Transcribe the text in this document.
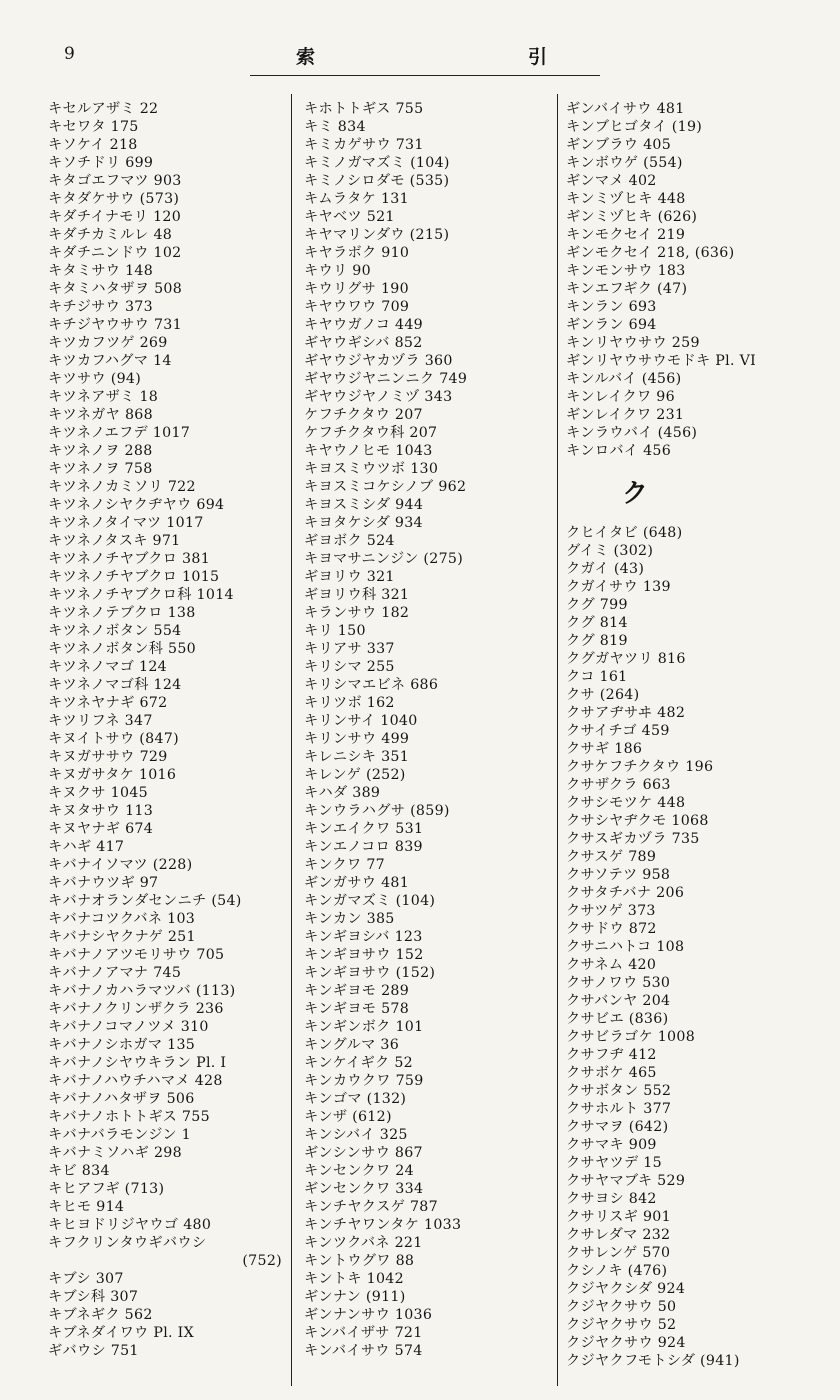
9	索	引
キセルアザミ 22
キセワタ 175
キソケイ 218
キソチドリ 699
キタゴエフマツ 903
キタダケサウ (573)
キダチイナモリ 120
キダチカミルレ 48
キダチニンドウ 102
キタミサウ 148
キタミハタザヲ 508
キチジサウ 373
キチジヤウサウ 731
キツカフツゲ 269
キツカフハグマ 14
キツサウ (94)
キツネアザミ 18
キツネガヤ 868
キツネノエフデ 1017
キツネノヲ 288
キツネノヲ 758
キツネノカミソリ 722
キツネノシヤクヂヤウ 694
キツネノタイマツ 1017
キツネノタスキ 971
キツネノチヤブクロ 381
キツネノチヤブクロ 1015
キツネノチヤブクロ科 1014
キツネノテブクロ 138
キツネノボタン 554
キツネノボタン科 550
キツネノマゴ 124
キツネノマゴ科 124
キツネヤナギ 672
キツリフネ 347
キヌイトサウ (847)
キヌガササウ 729
キヌガサタケ 1016
キヌクサ 1045
キヌタサウ 113
キヌヤナギ 674
キハギ 417
キバナイソマツ (228)
キバナウツギ 97
キバナオランダセンニチ (54)
キバナコツクバネ 103
キバナシヤクナゲ 251
キバナノアツモリサウ 705
キバナノアマナ 745
キバナノカハラマツバ (113)
キバナノクリンザクラ 236
キバナノコマノツメ 310
キバナノシホガマ 135
キバナノシヤウキラン Pl. I
キバナノハウチハマメ 428
キバナノハタザヲ 506
キバナノホトトギス 755
キバナバラモンジン 1
キバナミソハギ 298
キビ 834
キヒアフギ (713)
キヒモ 914
キヒヨドリジヤウゴ 480
キフクリンタウギバウシ
(752)
キブシ 307
キブシ科 307
キブネギク 562
キブネダイワウ Pl. IX
ギバウシ 751
キホトトギス 755
キミ 834
キミカゲサウ 731
キミノガマズミ (104)
キミノシロダモ (535)
キムラタケ 131
キヤベツ 521
キヤマリンダウ (215)
キヤラボク 910
キウリ 90
キウリグサ 190
キヤウワウ 709
キヤウガノコ 449
ギヤウギシバ 852
ギヤウジヤカヅラ 360
ギヤウジヤニンニク 749
ギヤウジヤノミヅ 343
ケフチクタウ 207
ケフチクタウ科 207
キヤウノヒモ 1043
キヨスミウツボ 130
キヨスミコケシノブ 962
キヨスミシダ 944
キヨタケシダ 934
ギヨボク 524
キヨマサニンジン (275)
ギヨリウ 321
ギヨリウ科 321
キランサウ 182
キリ 150
キリアサ 337
キリシマ 255
キリシマエビネ 686
キリツボ 162
キリンサイ 1040
キリンサウ 499
キレニシキ 351
キレンゲ (252)
キハダ 389
キンウラハグサ (859)
キンエイクワ 531
キンエノコロ 839
キンクワ 77
ギンガサウ 481
キンガマズミ (104)
キンカン 385
キンギヨシバ 123
キンギヨサウ 152
キンギヨサウ (152)
キンギヨモ 289
キンギヨモ 578
キンギンボク 101
キングルマ 36
キンケイギク 52
キンカウクワ 759
キンゴマ (132)
キンザ (612)
キンシバイ 325
ギンシンサウ 867
キンセンクワ 24
ギンセンクワ 334
キンチヤクスゲ 787
キンチヤワンタケ 1033
キンツクバネ 221
キントウグワ 88
キントキ 1042
ギンナン (911)
ギンナンサウ 1036
キンバイザサ 721
キンバイサウ 574
ギンバイサウ 481
キンブヒゴタイ (19)
ギンブラウ 405
キンボウゲ (554)
ギンマメ 402
キンミヅヒキ 448
ギンミヅヒキ (626)
キンモクセイ 219
ギンモクセイ 218, (636)
キンモンサウ 183
キンエフギク (47)
キンラン 693
ギンラン 694
キンリヤウサウ 259
ギンリヤウサウモドキ Pl. VI
キンルバイ (456)
キンレイクワ 96
ギンレイクワ 231
キンラウバイ (456)
キンロバイ 456
ク
クヒイタビ (648)
グイミ (302)
クガイ (43)
クガイサウ 139
クグ 799
クグ 814
クグ 819
クグガヤツリ 816
クコ 161
クサ (264)
クサアヂサヰ 482
クサイチゴ 459
クサギ 186
クサケフチクタウ 196
クサザクラ 663
クサシモツケ 448
クサシヤヂクモ 1068
クサスギカヅラ 735
クサスゲ 789
クサソテツ 958
クサタチバナ 206
クサツゲ 373
クサドウ 872
クサニハトコ 108
クサネム 420
クサノワウ 530
クサバンヤ 204
クサビエ (836)
クサビラゴケ 1008
クサフヂ 412
クサボケ 465
クサボタン 552
クサホルト 377
クサマヲ (642)
クサマキ 909
クサヤツデ 15
クサヤマブキ 529
クサヨシ 842
クサリスギ 901
クサレダマ 232
クサレンゲ 570
クシノキ (476)
クジヤクシダ 924
クジヤクサウ 50
クジヤクサウ 52
クジヤクサウ 924
クジヤクフモトシダ (941)
